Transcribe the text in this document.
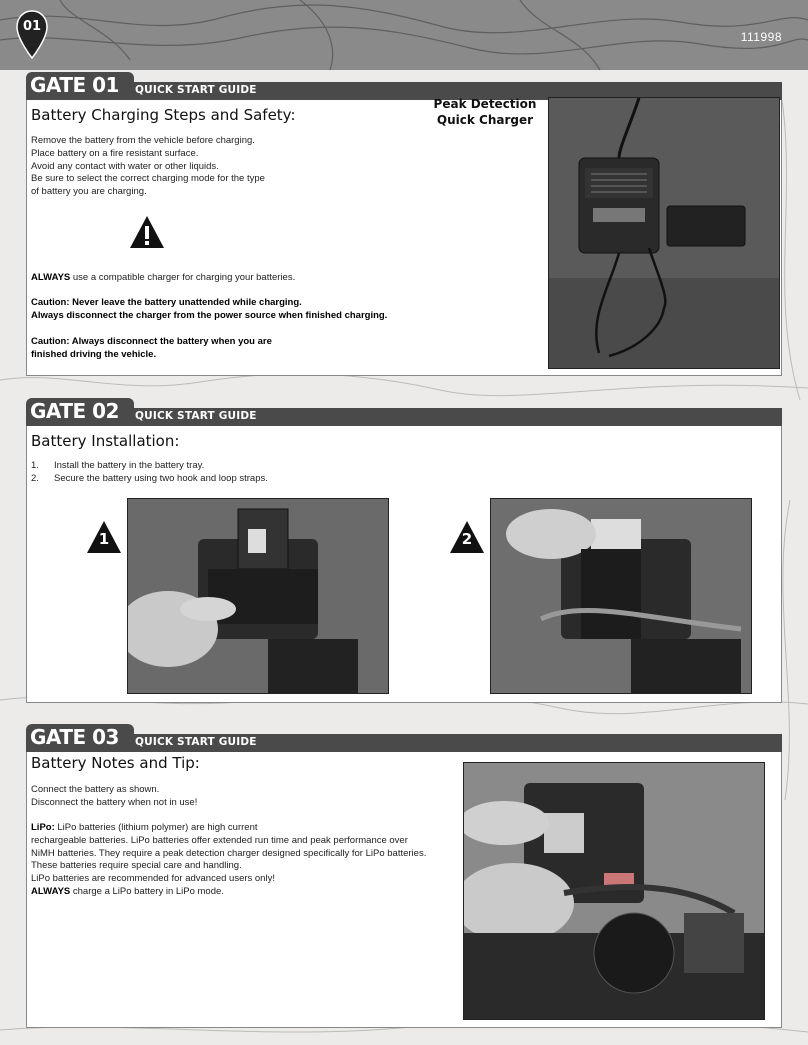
01
111998
GATE 01 QUICK START GUIDE
Battery Charging Steps and Safety:

Remove the battery from the vehicle before charging.

Place battery on a fire resistant surface.

Avoid any contact with water or other liquids.

Be sure to select the correct charging mode for the type

of battery you are charging.

ALWAYS use a compatible charger for charging your batteries.

Caution: Never leave the battery unattended while charging.

Always disconnect the charger from the power source when finished charging.

Caution: Always disconnect the battery when you are

finished driving the vehicle.

Peak Detection
Quick Charger
GATE 02 QUICK START GUIDE
Battery Installation:

1. Install the battery in the battery tray.

2. Secure the battery using two hook and loop straps.

1	2
GATE 03 QUICK START GUIDE
Battery Notes and Tip:

Connect the battery as shown.

Disconnect the battery when not in use!

LiPo: LiPo batteries (lithium polymer) are high current

rechargeable batteries. LiPo batteries offer extended run time and peak performance over

NiMH batteries. They require a peak detection charger designed specifically for LiPo batteries.

These batteries require special care and handling.

LiPo batteries are recommended for advanced users only!

ALWAYS charge a LiPo battery in LiPo mode.
